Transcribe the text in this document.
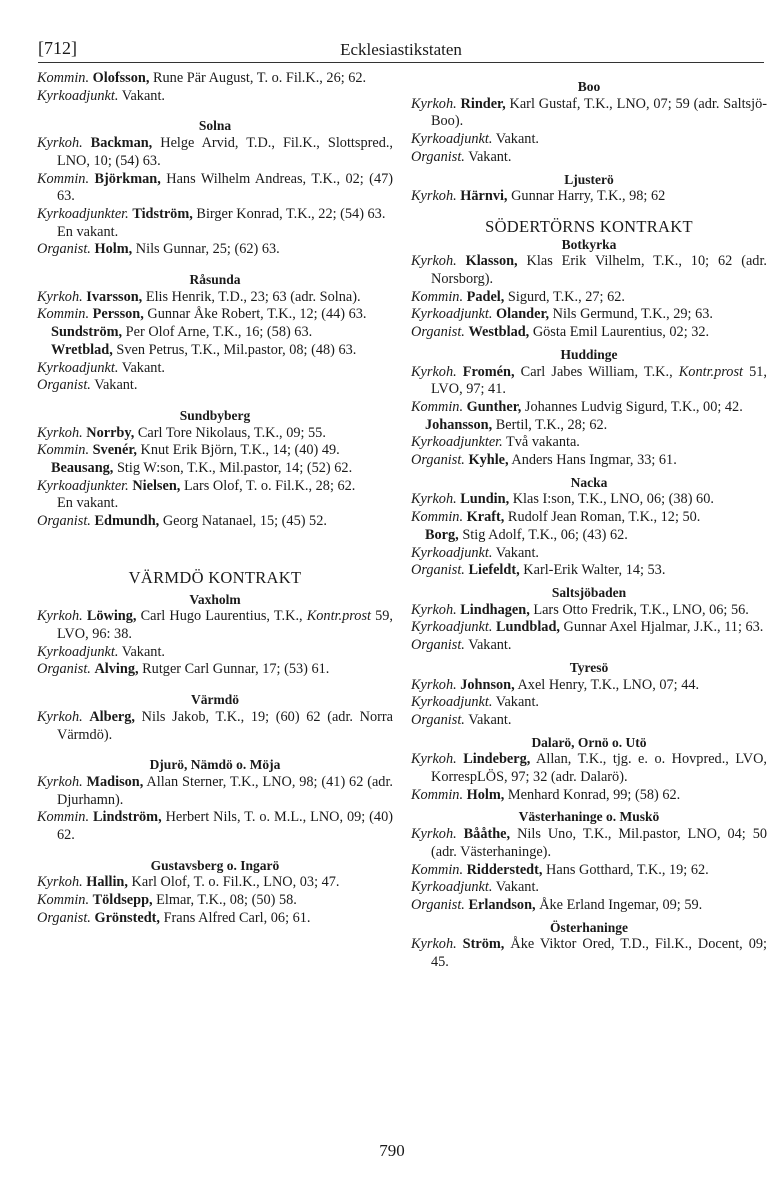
[712]	Ecklesiastikstaten
Kommin. Olofsson, Rune Pär August, T. o. Fil.K., 26; 62.
Kyrkoadjunkt. Vakant.
Solna
Kyrkoh. Backman, Helge Arvid, T.D., Fil.K., Slottspred., LNO, 10; (54) 63.
Kommin. Björkman, Hans Wilhelm Andreas, T.K., 02; (47) 63.
Kyrkoadjunkter. Tidström, Birger Konrad, T.K., 22; (54) 63.
En vakant.
Organist. Holm, Nils Gunnar, 25; (62) 63.
Råsunda
Kyrkoh. Ivarsson, Elis Henrik, T.D., 23; 63 (adr. Solna).
Kommin. Persson, Gunnar Åke Robert, T.K., 12; (44) 63.
Sundström, Per Olof Arne, T.K., 16; (58) 63.
Wretblad, Sven Petrus, T.K., Mil.pastor, 08; (48) 63.
Kyrkoadjunkt. Vakant.
Organist. Vakant.
Sundbyberg
Kyrkoh. Norrby, Carl Tore Nikolaus, T.K., 09; 55.
Kommin. Svenér, Knut Erik Björn, T.K., 14; (40) 49.
Beausang, Stig W:son, T.K., Mil.pastor, 14; (52) 62.
Kyrkoadjunkter. Nielsen, Lars Olof, T. o. Fil.K., 28; 62.
En vakant.
Organist. Edmundh, Georg Natanael, 15; (45) 52.
VÄRMDÖ KONTRAKT
Vaxholm
Kyrkoh. Löwing, Carl Hugo Laurentius, T.K., Kontr.prost 59, LVO, 96: 38.
Kyrkoadjunkt. Vakant.
Organist. Alving, Rutger Carl Gunnar, 17; (53) 61.
Värmdö
Kyrkoh. Alberg, Nils Jakob, T.K., 19; (60) 62 (adr. Norra Värmdö).
Djurö, Nämdö o. Möja
Kyrkoh. Madison, Allan Sterner, T.K., LNO, 98; (41) 62 (adr. Djurhamn).
Kommin. Lindström, Herbert Nils, T. o. M.L., LNO, 09; (40) 62.
Gustavsberg o. Ingarö
Kyrkoh. Hallin, Karl Olof, T. o. Fil.K., LNO, 03; 47.
Kommin. Töldsepp, Elmar, T.K., 08; (50) 58.
Organist. Grönstedt, Frans Alfred Carl, 06; 61.
Boo
Kyrkoh. Rinder, Karl Gustaf, T.K., LNO, 07; 59 (adr. Saltsjö-Boo).
Kyrkoadjunkt. Vakant.
Organist. Vakant.
Ljusterö
Kyrkoh. Härnvi, Gunnar Harry, T.K., 98; 62
SÖDERTÖRNS KONTRAKT
Botkyrka
Kyrkoh. Klasson, Klas Erik Vilhelm, T.K., 10; 62 (adr. Norsborg).
Kommin. Padel, Sigurd, T.K., 27; 62.
Kyrkoadjunkt. Olander, Nils Germund, T.K., 29; 63.
Organist. Westblad, Gösta Emil Laurentius, 02; 32.
Huddinge
Kyrkoh. Fromén, Carl Jabes William, T.K., Kontr.prost 51, LVO, 97; 41.
Kommin. Gunther, Johannes Ludvig Sigurd, T.K., 00; 42.
Johansson, Bertil, T.K., 28; 62.
Kyrkoadjunkter. Två vakanta.
Organist. Kyhle, Anders Hans Ingmar, 33; 61.
Nacka
Kyrkoh. Lundin, Klas I:son, T.K., LNO, 06; (38) 60.
Kommin. Kraft, Rudolf Jean Roman, T.K., 12; 50.
Borg, Stig Adolf, T.K., 06; (43) 62.
Kyrkoadjunkt. Vakant.
Organist. Liefeldt, Karl-Erik Walter, 14; 53.
Saltsjöbaden
Kyrkoh. Lindhagen, Lars Otto Fredrik, T.K., LNO, 06; 56.
Kyrkoadjunkt. Lundblad, Gunnar Axel Hjalmar, J.K., 11; 63.
Organist. Vakant.
Tyresö
Kyrkoh. Johnson, Axel Henry, T.K., LNO, 07; 44.
Kyrkoadjunkt. Vakant.
Organist. Vakant.
Dalarö, Ornö o. Utö
Kyrkoh. Lindeberg, Allan, T.K., tjg. e. o. Hovpred., LVO, KorrespLÖS, 97; 32 (adr. Dalarö).
Kommin. Holm, Menhard Konrad, 99; (58) 62.
Västerhaninge o. Muskö
Kyrkoh. Bååthe, Nils Uno, T.K., Mil.pastor, LNO, 04; 50 (adr. Västerhaninge).
Kommin. Ridderstedt, Hans Gotthard, T.K., 19; 62.
Kyrkoadjunkt. Vakant.
Organist. Erlandson, Åke Erland Ingemar, 09; 59.
Österhaninge
Kyrkoh. Ström, Åke Viktor Ored, T.D., Fil.K., Docent, 09; 45.
790
